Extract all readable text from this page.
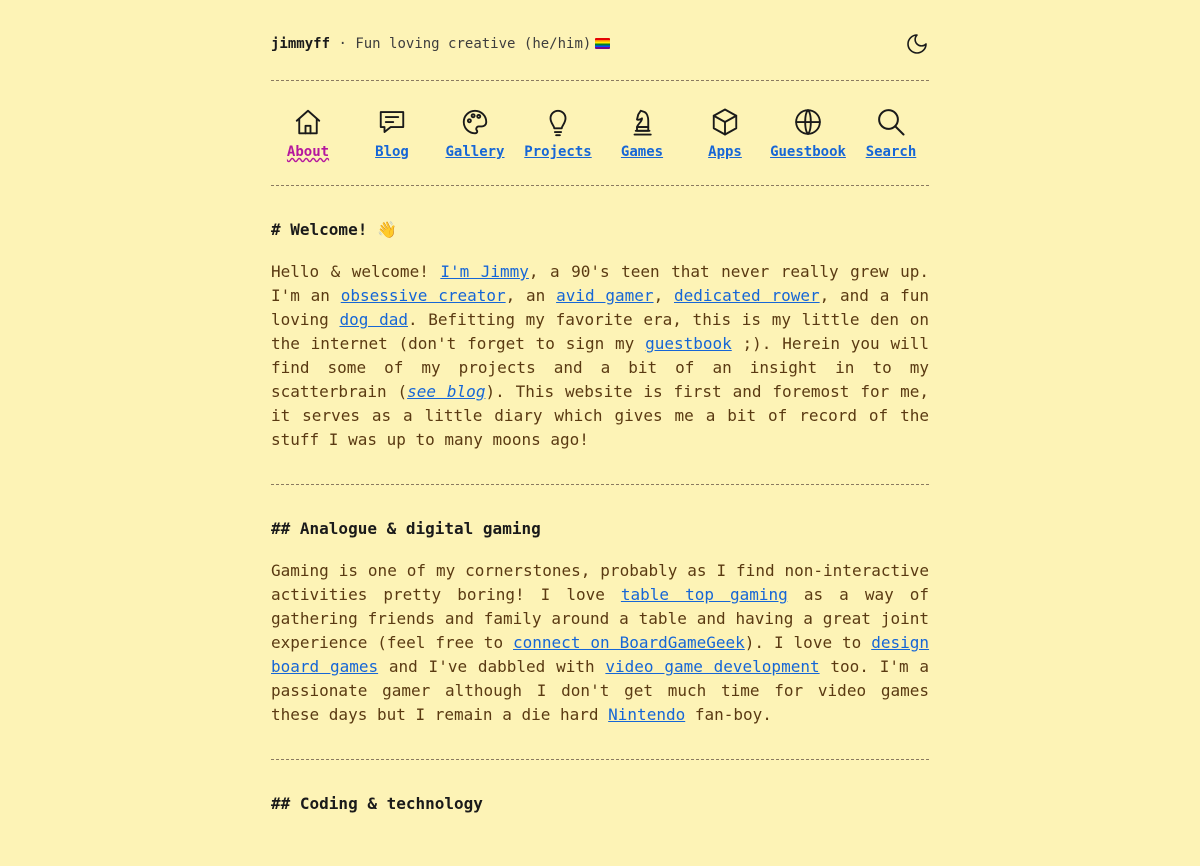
jimmyff · Fun loving creative (he/him)
About	Blog	Gallery	Projects	Games	Apps	Guestbook	Search
# Welcome! 👋

Hello & welcome! I'm Jimmy, a 90's teen that never really grew up. I'm an obsessive creator, an avid gamer, dedicated rower, and a fun loving dog dad. Befitting my favorite era, this is my little den on the internet (don't forget to sign my guestbook ;). Herein you will find some of my projects and a bit of an insight in to my scatterbrain (see blog). This website is first and foremost for me, it serves as a little diary which gives me a bit of record of the stuff I was up to many moons ago!

## Analogue & digital gaming

Gaming is one of my cornerstones, probably as I find non-interactive activities pretty boring! I love table top gaming as a way of gathering friends and family around a table and having a great joint experience (feel free to connect on BoardGameGeek). I love to design board games and I've dabbled with video game development too. I'm a passionate gamer although I don't get much time for video games these days but I remain a die hard Nintendo fan-boy.

## Coding & technology
